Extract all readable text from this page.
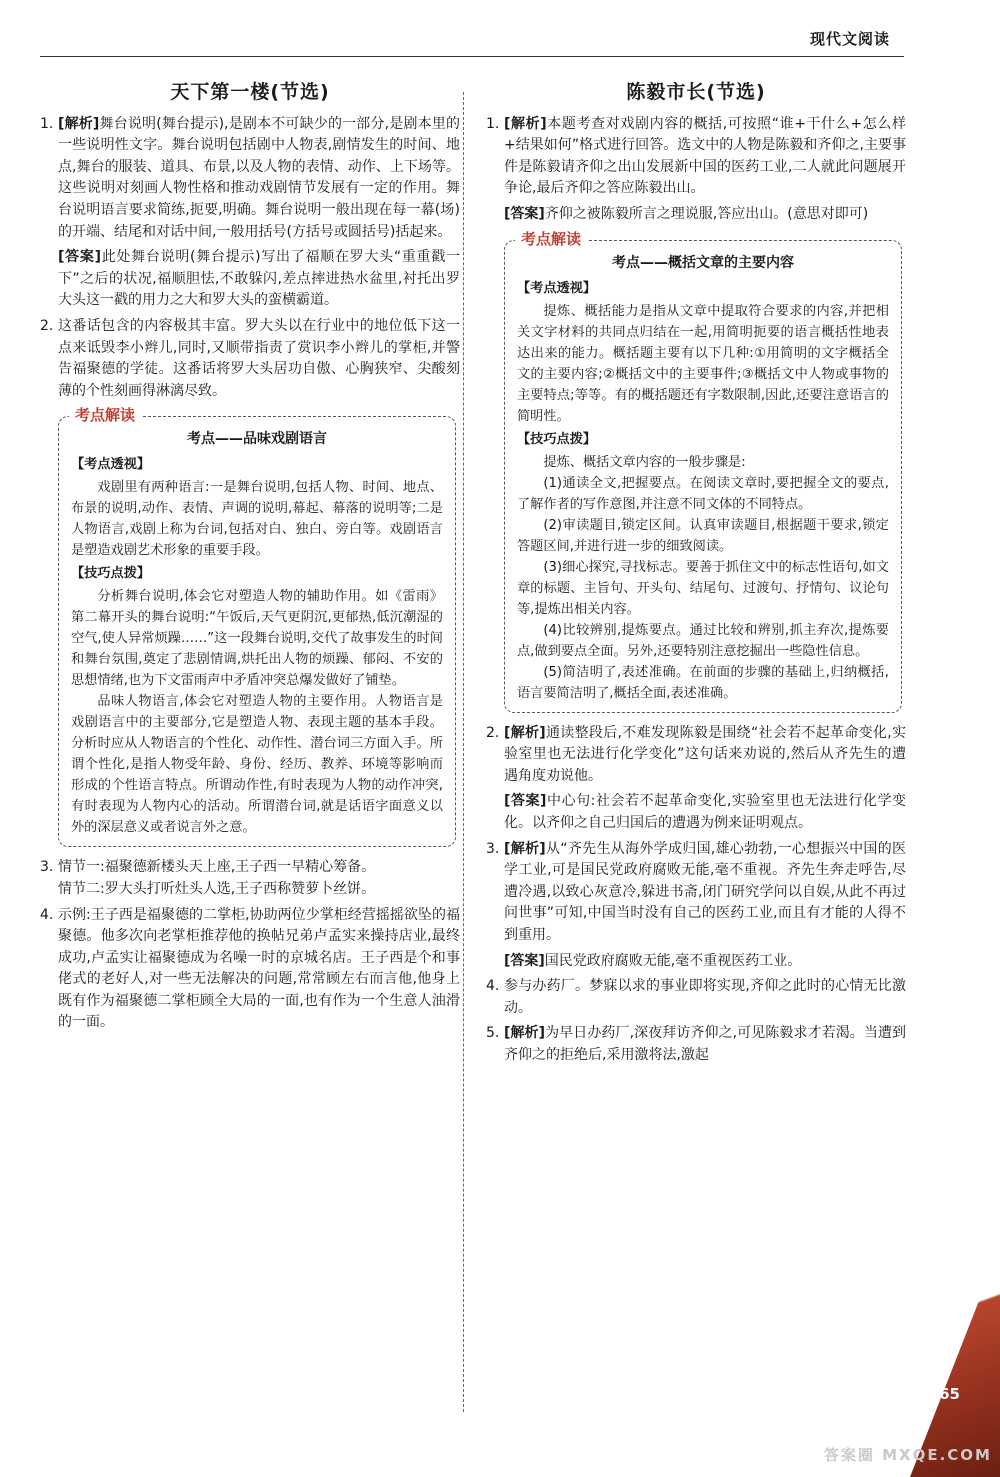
现代文阅读
天下第一楼(节选)
1. [解析]舞台说明(舞台提示),是剧本不可缺少的一部分,是剧本里的一些说明性文字。舞台说明包括剧中人物表,剧情发生的时间、地点,舞台的服装、道具、布景,以及人物的表情、动作、上下场等。这些说明对刻画人物性格和推动戏剧情节发展有一定的作用。舞台说明语言要求简练,扼要,明确。舞台说明一般出现在每一幕(场)的开端、结尾和对话中间,一般用括号(方括号或圆括号)括起来。
[答案]此处舞台说明(舞台提示)写出了福顺在罗大头“重重戳一下”之后的状况,福顺胆怯,不敢躲闪,差点摔进热水盆里,衬托出罗大头这一戳的用力之大和罗大头的蛮横霸道。
2. 这番话包含的内容极其丰富。罗大头以在行业中的地位低下这一点来诋毁李小辫儿,同时,又顺带指责了赏识李小辫儿的掌柜,并警告福聚德的学徒。这番话将罗大头居功自傲、心胸狭窄、尖酸刻薄的个性刻画得淋漓尽致。
考点解读
考点——品味戏剧语言
【考点透视】

戏剧里有两种语言:一是舞台说明,包括人物、时间、地点、布景的说明,动作、表情、声调的说明,幕起、幕落的说明等;二是人物语言,戏剧上称为台词,包括对白、独白、旁白等。戏剧语言是塑造戏剧艺术形象的重要手段。

【技巧点拨】

分析舞台说明,体会它对塑造人物的辅助作用。如《雷雨》第二幕开头的舞台说明:“午饭后,天气更阴沉,更郁热,低沉潮湿的空气,使人异常烦躁……”这一段舞台说明,交代了故事发生的时间和舞台氛围,奠定了悲剧情调,烘托出人物的烦躁、郁闷、不安的思想情绪,也为下文雷雨声中矛盾冲突总爆发做好了铺垫。

品味人物语言,体会它对塑造人物的主要作用。人物语言是戏剧语言中的主要部分,它是塑造人物、表现主题的基本手段。分析时应从人物语言的个性化、动作性、潜台词三方面入手。所谓个性化,是指人物受年龄、身份、经历、教养、环境等影响而形成的个性语言特点。所谓动作性,有时表现为人物的动作冲突,有时表现为人物内心的活动。所谓潜台词,就是话语字面意义以外的深层意义或者说言外之意。

3. 情节一:福聚德新楼头天上座,王子西一早精心筹备。
情节二:罗大头打听灶头人选,王子西称赞萝卜丝饼。
4. 示例:王子西是福聚德的二掌柜,协助两位少掌柜经营摇摇欲坠的福聚德。他多次向老掌柜推荐他的换帖兄弟卢孟实来操持店业,最终成功,卢孟实让福聚德成为名噪一时的京城名店。王子西是个和事佬式的老好人,对一些无法解决的问题,常常顾左右而言他,他身上既有作为福聚德二掌柜顾全大局的一面,也有作为一个生意人油滑的一面。
陈毅市长(节选)
1. [解析]本题考查对戏剧内容的概括,可按照“谁+干什么+怎么样+结果如何”格式进行回答。选文中的人物是陈毅和齐仰之,主要事件是陈毅请齐仰之出山发展新中国的医药工业,二人就此问题展开争论,最后齐仰之答应陈毅出山。
[答案]齐仰之被陈毅所言之理说服,答应出山。(意思对即可)
考点解读
考点——概括文章的主要内容
【考点透视】

提炼、概括能力是指从文章中提取符合要求的内容,并把相关文字材料的共同点归结在一起,用简明扼要的语言概括性地表达出来的能力。概括题主要有以下几种:①用简明的文字概括全文的主要内容;②概括文中的主要事件;③概括文中人物或事物的主要特点;等等。有的概括题还有字数限制,因此,还要注意语言的简明性。

【技巧点拨】

提炼、概括文章内容的一般步骤是:

(1)通读全文,把握要点。在阅读文章时,要把握全文的要点,了解作者的写作意图,并注意不同文体的不同特点。

(2)审读题目,锁定区间。认真审读题目,根据题干要求,锁定答题区间,并进行进一步的细致阅读。

(3)细心探究,寻找标志。要善于抓住文中的标志性语句,如文章的标题、主旨句、开头句、结尾句、过渡句、抒情句、议论句等,提炼出相关内容。

(4)比较辨别,提炼要点。通过比较和辨别,抓主弃次,提炼要点,做到要点全面。另外,还要特别注意挖掘出一些隐性信息。

(5)简洁明了,表述准确。在前面的步骤的基础上,归纳概括,语言要简洁明了,概括全面,表述准确。

2. [解析]通读整段后,不难发现陈毅是围绕“社会若不起革命变化,实验室里也无法进行化学变化”这句话来劝说的,然后从齐先生的遭遇角度劝说他。
[答案]中心句:社会若不起革命变化,实验室里也无法进行化学变化。以齐仰之自己归国后的遭遇为例来证明观点。
3. [解析]从“齐先生从海外学成归国,雄心勃勃,一心想振兴中国的医学工业,可是国民党政府腐败无能,毫不重视。齐先生奔走呼告,尽遭冷遇,以致心灰意冷,躲进书斋,闭门研究学问以自娱,从此不再过问世事”可知,中国当时没有自己的医药工业,而且有才能的人得不到重用。
[答案]国民党政府腐败无能,毫不重视医药工业。
4. 参与办药厂。梦寐以求的事业即将实现,齐仰之此时的心情无比激动。
5. [解析]为早日办药厂,深夜拜访齐仰之,可见陈毅求才若渴。当遭到齐仰之的拒绝后,采用激将法,激起
65
答案圈 MXQE.COM
